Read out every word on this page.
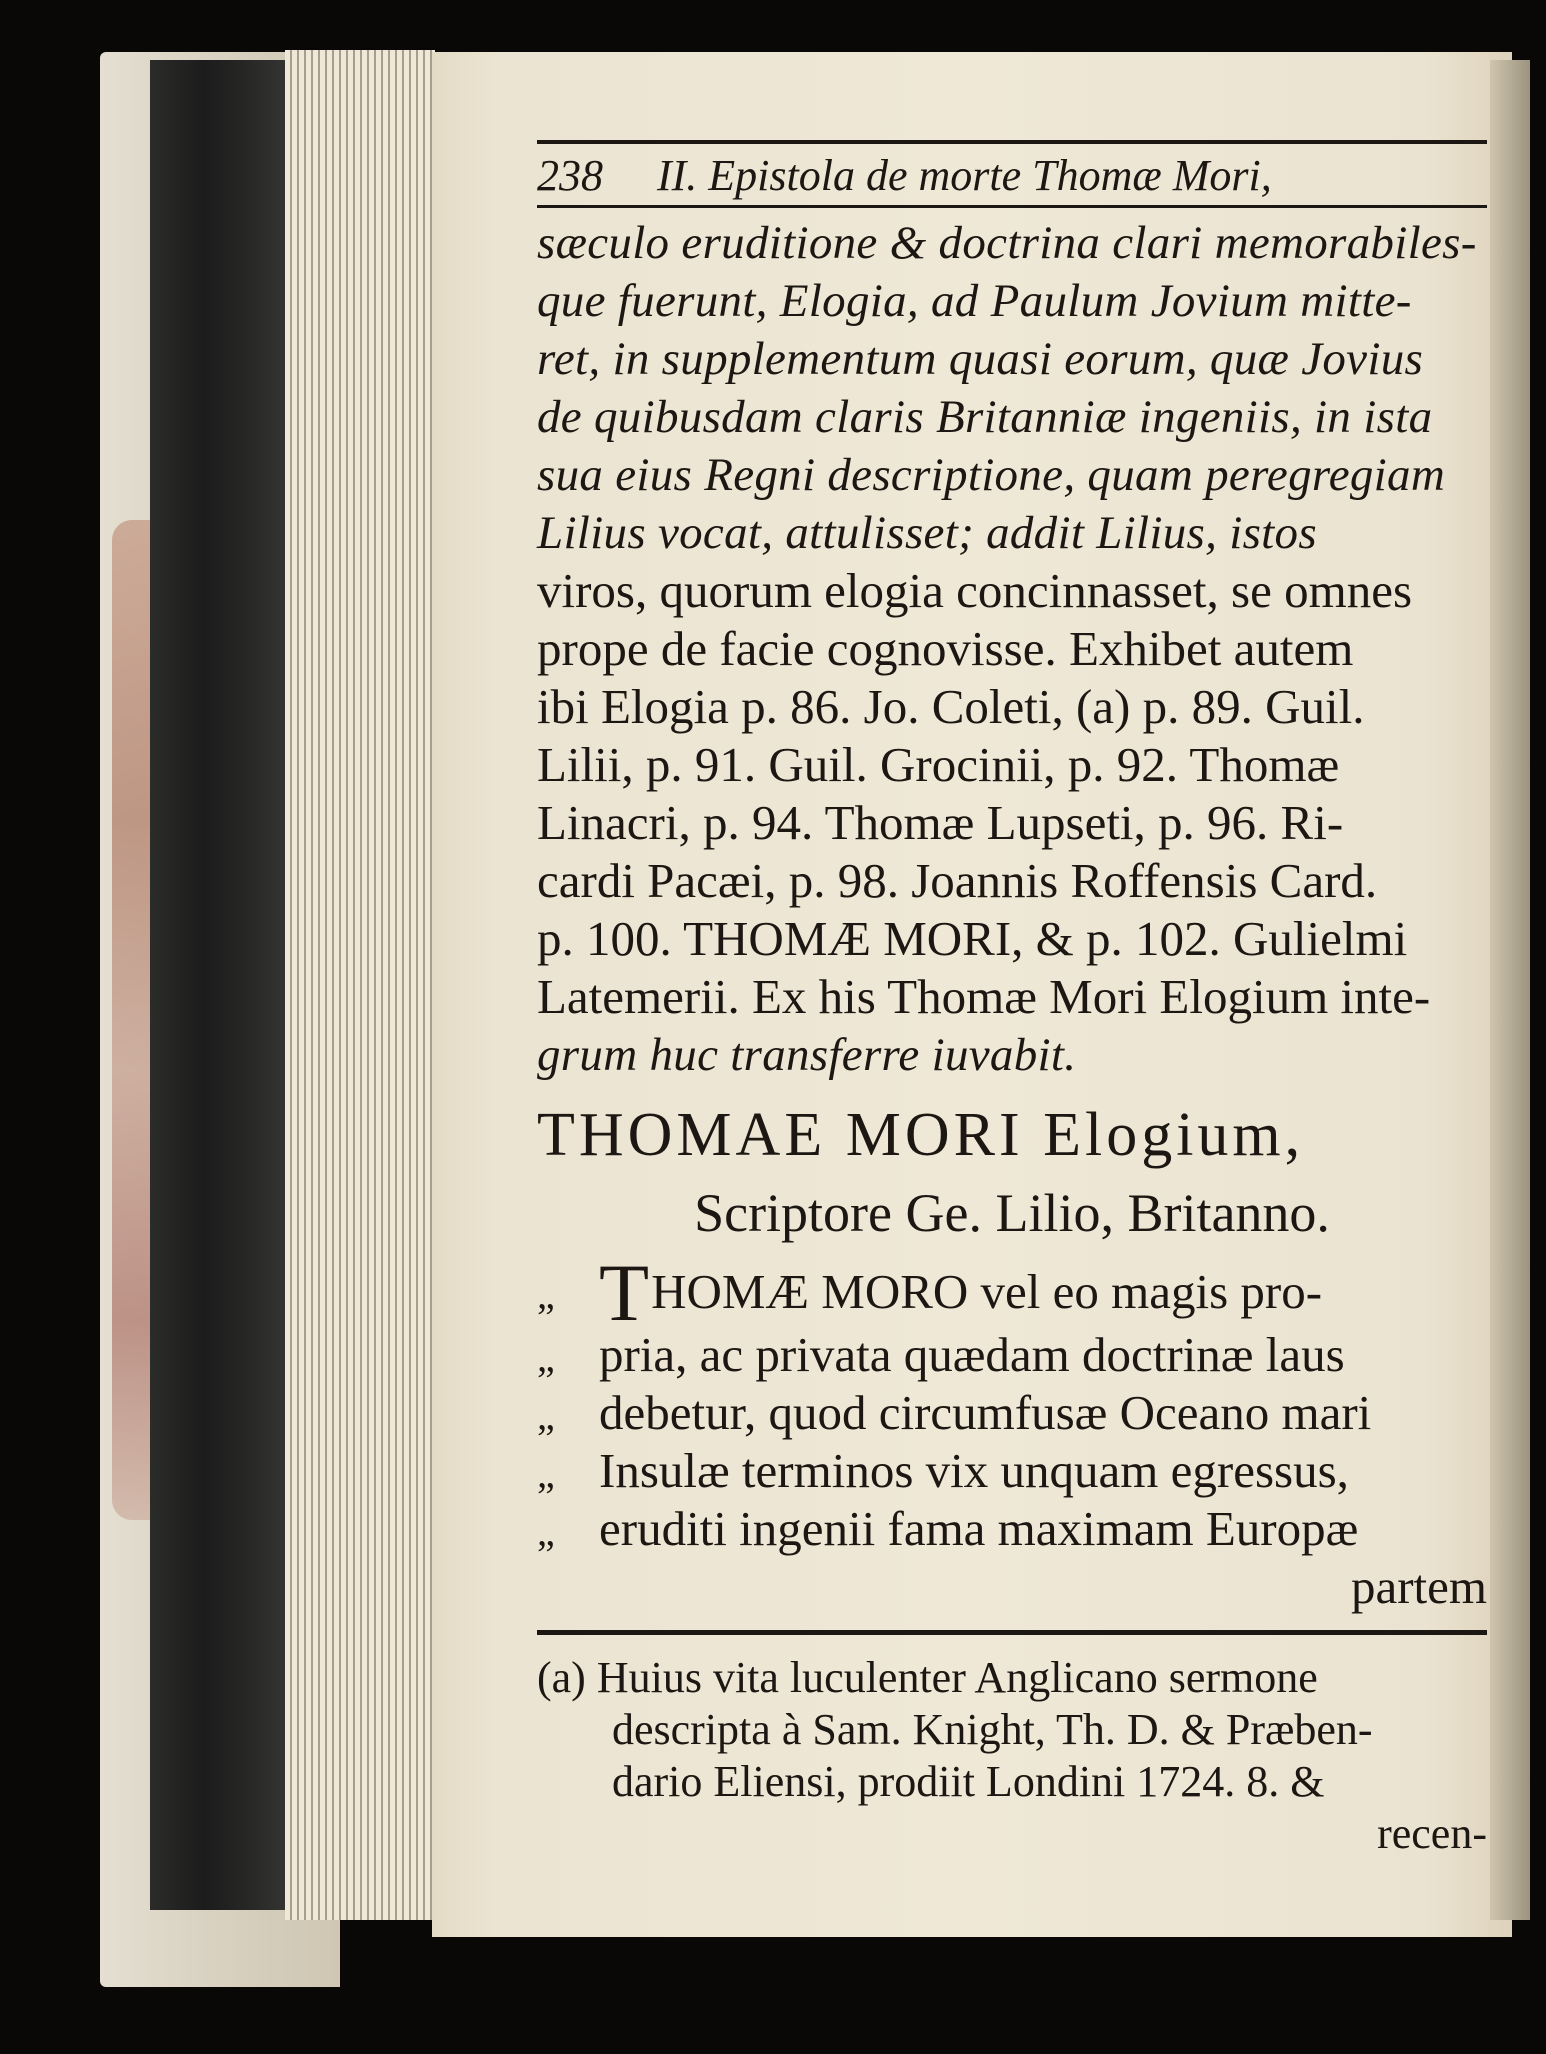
238 II. Epistola de morte Thomæ Mori,
sæculo eruditione & doctrina clari memorabiles-
que fuerunt, Elogia, ad Paulum Jovium mitte-
ret, in supplementum quasi eorum, quæ Jovius
de quibusdam claris Britanniæ ingeniis, in ista
sua eius Regni descriptione, quam peregregiam
Lilius vocat, attulisset; addit Lilius, istos
viros, quorum elogia concinnasset, se omnes
prope de facie cognovisse. Exhibet autem
ibi Elogia p. 86. Jo. Coleti, (a) p. 89. Guil.
Lilii, p. 91. Guil. Grocinii, p. 92. Thomæ
Linacri, p. 94. Thomæ Lupseti, p. 96. Ri-
cardi Pacæi, p. 98. Joannis Roffensis Card.
p. 100. THOMÆ MORI, & p. 102. Gulielmi
Latemerii. Ex his Thomæ Mori Elogium inte-
grum huc transferre iuvabit.
THOMAE MORI Elogium,
Scriptore Ge. Lilio, Britanno.
„ THOMÆ MORO vel eo magis pro-
„ pria, ac privata quædam doctrinæ laus
„ debetur, quod circumfusæ Oceano mari
„ Insulæ terminos vix unquam egressus,
„ eruditi ingenii fama maximam Europæ
partem
(a) Huius vita luculenter Anglicano sermone
descripta à Sam. Knight, Th. D. & Præben-
dario Eliensi, prodiit Londini 1724. 8. &
recen-
